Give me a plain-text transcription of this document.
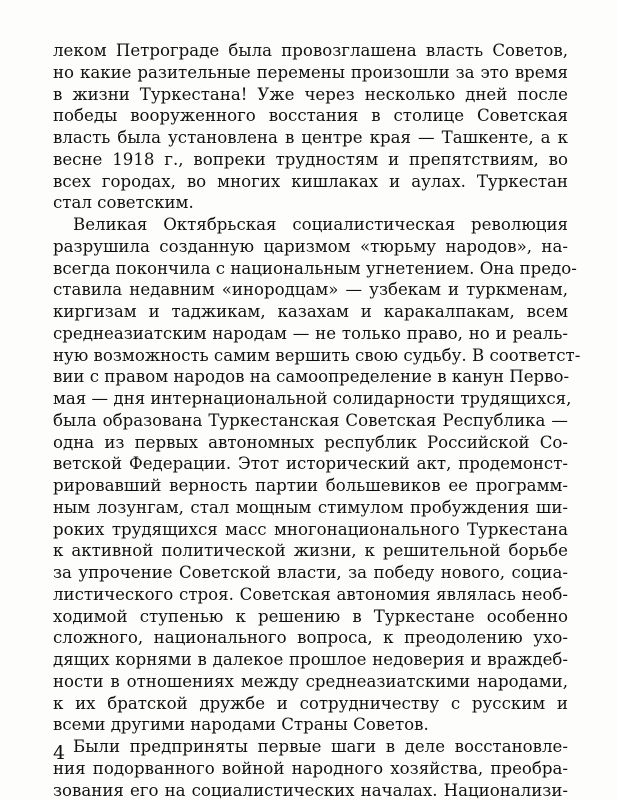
леком Петрограде была провозглашена власть Советов,
но какие разительные перемены произошли за это время
в жизни Туркестана! Уже через несколько дней после
победы вооруженного восстания в столице Советская
власть была установлена в центре края — Ташкенте, а к
весне 1918 г., вопреки трудностям и препятствиям, во
всех городах, во многих кишлаках и аулах. Туркестан
стал советским.
Великая Октябрьская социалистическая революция
разрушила созданную царизмом «тюрьму народов», на-
всегда покончила с национальным угнетением. Она предо-
ставила недавним «инородцам» — узбекам и туркменам,
киргизам и таджикам, казахам и каракалпакам, всем
среднеазиатским народам — не только право, но и реаль-
ную возможность самим вершить свою судьбу. В соответст-
вии с правом народов на самоопределение в канун Перво-
мая — дня интернациональной солидарности трудящихся,
была образована Туркестанская Советская Республика —
одна из первых автономных республик Российской Со-
ветской Федерации. Этот исторический акт, продемонст-
рировавший верность партии большевиков ее программ-
ным лозунгам, стал мощным стимулом пробуждения ши-
роких трудящихся масс многонационального Туркестана
к активной политической жизни, к решительной борьбе
за упрочение Советской власти, за победу нового, социа-
листического строя. Советская автономия являлась необ-
ходимой ступенью к решению в Туркестане особенно
сложного, национального вопроса, к преодолению ухо-
дящих корнями в далекое прошлое недоверия и враждеб-
ности в отношениях между среднеазиатскими народами,
к их братской дружбе и сотрудничеству с русским и
всеми другими народами Страны Советов.
Были предприняты первые шаги в деле восстановле-
ния подорванного войной народного хозяйства, преобра-
зования его на социалистических началах. Национализи-
4
